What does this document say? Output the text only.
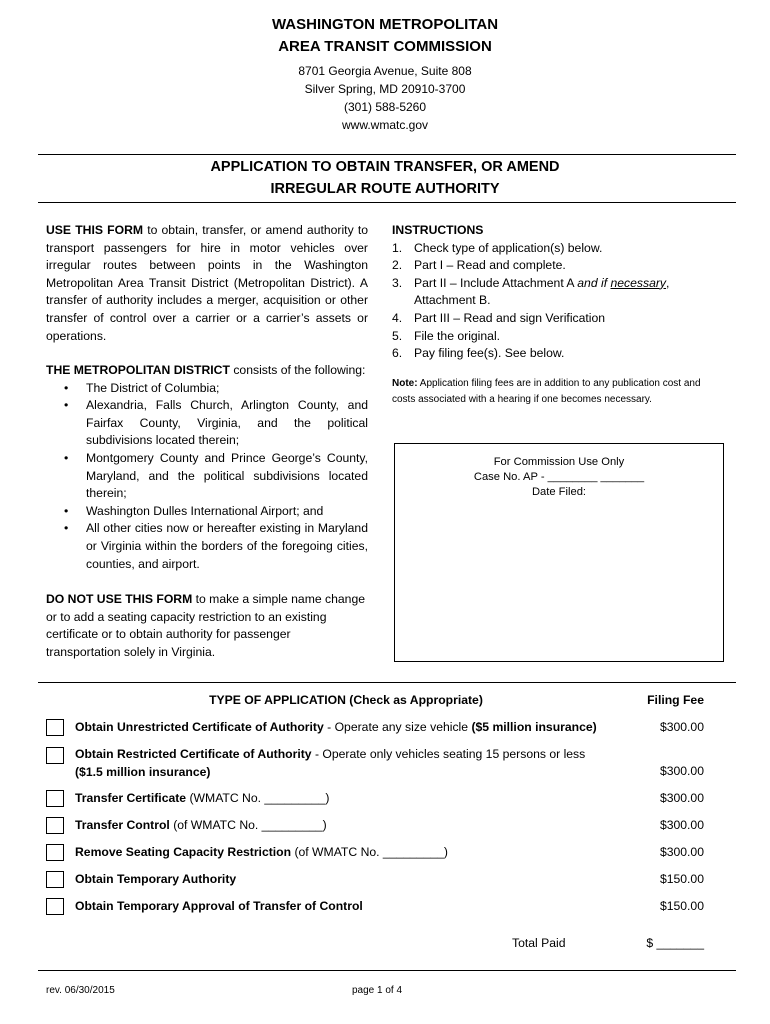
WASHINGTON METROPOLITAN
AREA TRANSIT COMMISSION
8701 Georgia Avenue, Suite 808
Silver Spring, MD 20910-3700
(301) 588-5260
www.wmatc.gov
APPLICATION TO OBTAIN TRANSFER, OR AMEND
IRREGULAR ROUTE AUTHORITY
USE THIS FORM to obtain, transfer, or amend authority to transport passengers for hire in motor vehicles over irregular routes between points in the Washington Metropolitan Area Transit District (Metropolitan District). A transfer of authority includes a merger, acquisition or other transfer of control over a carrier or a carrier’s assets or operations.
THE METROPOLITAN DISTRICT consists of the following:
• The District of Columbia;
• Alexandria, Falls Church, Arlington County, and Fairfax County, Virginia, and the political subdivisions located therein;
• Montgomery County and Prince George’s County, Maryland, and the political subdivisions located therein;
• Washington Dulles International Airport; and
• All other cities now or hereafter existing in Maryland or Virginia within the borders of the foregoing cities, counties, and airport.
DO NOT USE THIS FORM to make a simple name change or to add a seating capacity restriction to an existing certificate or to obtain authority for passenger transportation solely in Virginia.
INSTRUCTIONS
1. Check type of application(s) below.
2. Part I – Read and complete.
3. Part II – Include Attachment A and if necessary, Attachment B.
4. Part III – Read and sign Verification
5. File the original.
6. Pay filing fee(s). See below.
Note: Application filing fees are in addition to any publication cost and costs associated with a hearing if one becomes necessary.
For Commission Use Only
Case No. AP - ________ _______
Date Filed:
TYPE OF APPLICATION (Check as Appropriate)	Filing Fee
Obtain Unrestricted Certificate of Authority - Operate any size vehicle ($5 million insurance)	$300.00
Obtain Restricted Certificate of Authority - Operate only vehicles seating 15 persons or less ($1.5 million insurance)	$300.00
Transfer Certificate (WMATC No. _________)	$300.00
Transfer Control (of WMATC No. _________)	$300.00
Remove Seating Capacity Restriction (of WMATC No. _________)	$300.00
Obtain Temporary Authority	$150.00
Obtain Temporary Approval of Transfer of Control	$150.00
Total Paid	$ _______
rev. 06/30/2015	page 1 of 4
